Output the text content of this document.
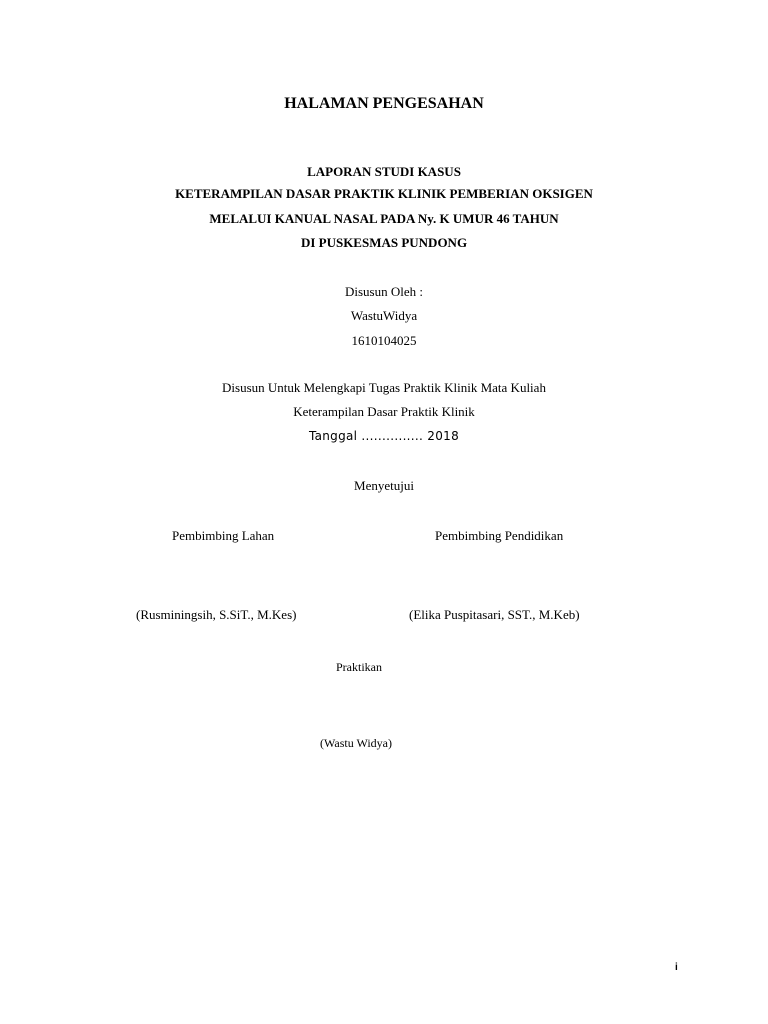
HALAMAN PENGESAHAN
LAPORAN STUDI KASUS
KETERAMPILAN DASAR PRAKTIK KLINIK PEMBERIAN OKSIGEN
MELALUI KANUAL NASAL PADA Ny. K UMUR 46 TAHUN
DI PUSKESMAS PUNDONG
Disusun Oleh :
WastuWidya
1610104025
Disusun Untuk Melengkapi Tugas Praktik Klinik Mata Kuliah
Keterampilan Dasar Praktik Klinik
Tanggal ............... 2018
Menyetujui
Pembimbing Lahan	Pembimbing Pendidikan
(Rusminingsih, S.SiT., M.Kes)	(Elika Puspitasari, SST., M.Keb)
Praktikan
(Wastu Widya)
i
